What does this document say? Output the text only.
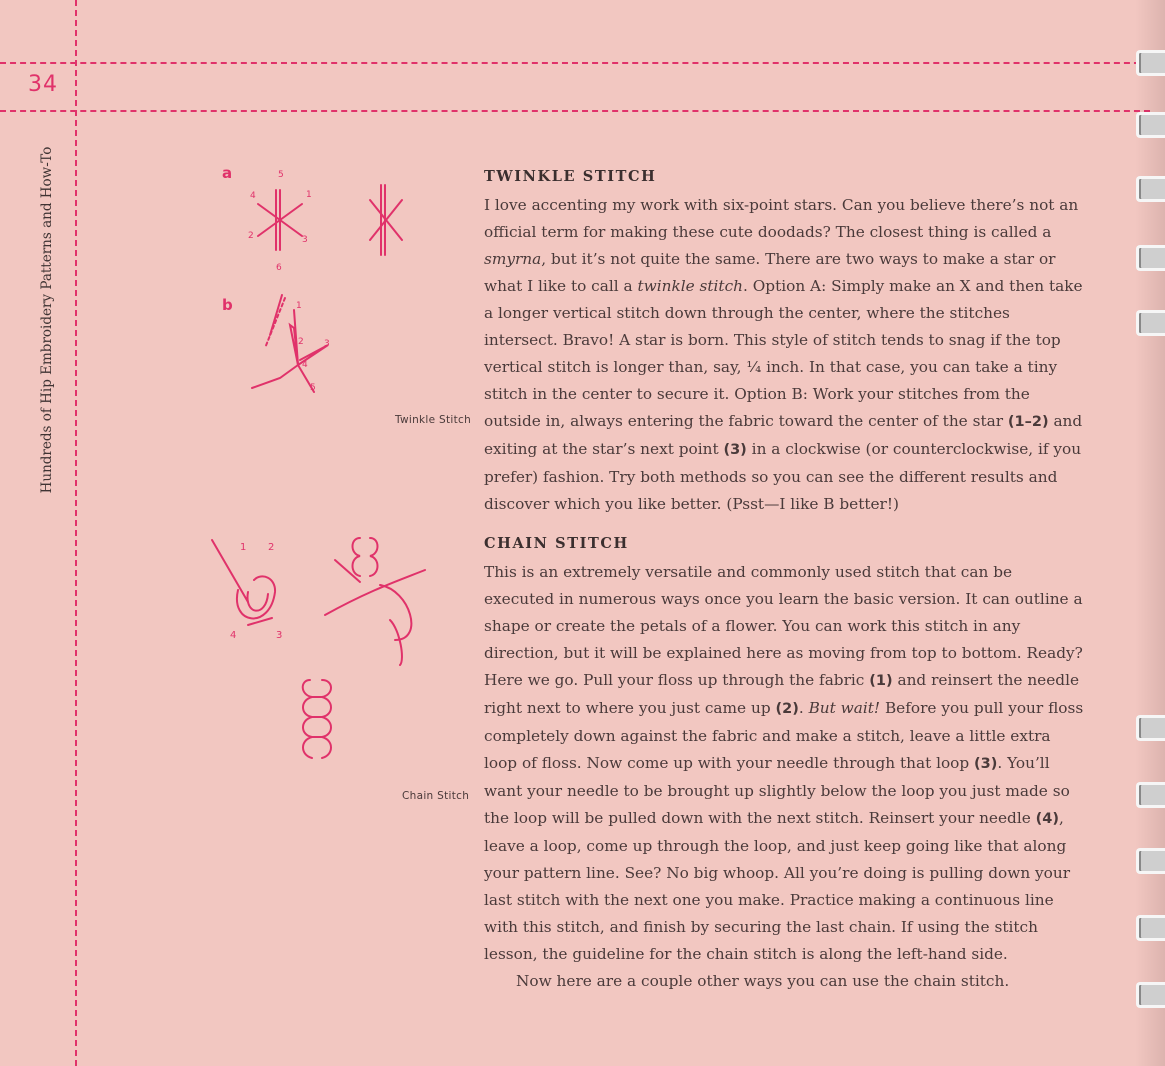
34
Hundreds of Hip Embroidery Patterns and How-To	a
b
5
4	1
2	3
6
1
2 3
4
5
Twinkle Stitch
1 2
4	3
Chain Stitch
TWINKLE STITCH

I love accenting my work with six-point stars. Can you believe there’s not an official term for making these cute doodads? The closest thing is called a smyrna, but it’s not quite the same. There are two ways to make a star or what I like to call a twinkle stitch. Option A: Simply make an X and then take a longer vertical stitch down through the center, where the stitches intersect. Bravo! A star is born. This style of stitch tends to snag if the top vertical stitch is longer than, say, ¹⁄₄ inch. In that case, you can take a tiny stitch in the center to secure it. Option B: Work your stitches from the outside in, always entering the fabric toward the center of the star (1–2) and exiting at the star’s next point (3) in a clockwise (or counterclockwise, if you prefer) fashion. Try both methods so you can see the different results and discover which you like better. (Psst—I like B better!)

CHAIN STITCH

This is an extremely versatile and commonly used stitch that can be executed in numerous ways once you learn the basic version. It can outline a shape or create the petals of a flower. You can work this stitch in any direction, but it will be explained here as moving from top to bottom. Ready? Here we go. Pull your floss up through the fabric (1) and reinsert the needle right next to where you just came up (2). But wait! Before you pull your floss completely down against the fabric and make a stitch, leave a little extra loop of floss. Now come up with your needle through that loop (3). You’ll want your needle to be brought up slightly below the loop you just made so the loop will be pulled down with the next stitch. Reinsert your needle (4), leave a loop, come up through the loop, and just keep going like that along your pattern line. See? No big whoop. All you’re doing is pulling down your last stitch with the next one you make. Practice making a continuous line with this stitch, and finish by securing the last chain. If using the stitch lesson, the guideline for the chain stitch is along the left-hand side.

Now here are a couple other ways you can use the chain stitch.
